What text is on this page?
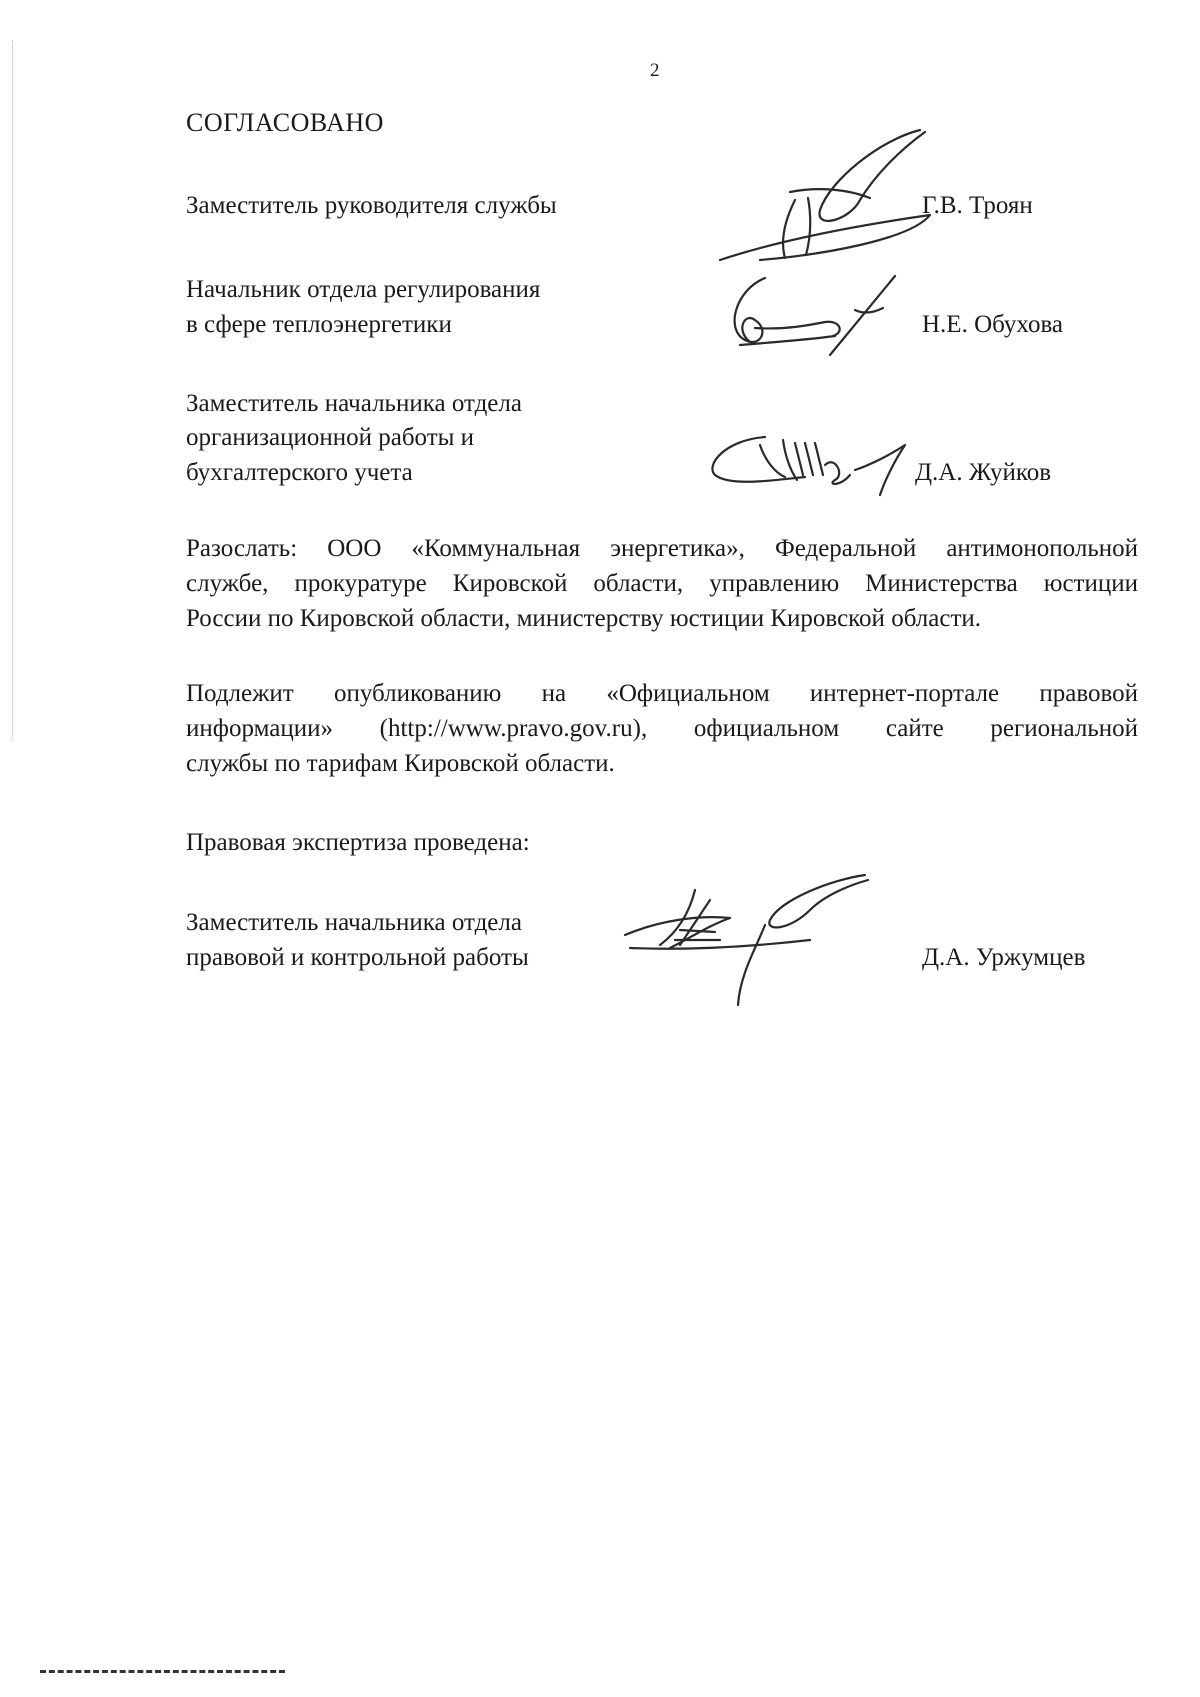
2
СОГЛАСОВАНО
Заместитель руководителя службы	Г.В. Троян
Начальник отдела регулирования
в сфере теплоэнергетики	Н.Е. Обухова
Заместитель начальника отдела
организационной работы и
бухгалтерского учета	Д.А. Жуйков
Разослать: ООО «Коммунальная энергетика», Федеральной антимонопольной
службе, прокуратуре Кировской области, управлению Министерства юстиции
России по Кировской области, министерству юстиции Кировской области.
Подлежит опубликованию на «Официальном интернет-портале правовой
информации» (http://www.pravo.gov.ru), официальном сайте региональной
службы по тарифам Кировской области.
Правовая экспертиза проведена:
Заместитель начальника отдела
правовой и контрольной работы	Д.А. Уржумцев
